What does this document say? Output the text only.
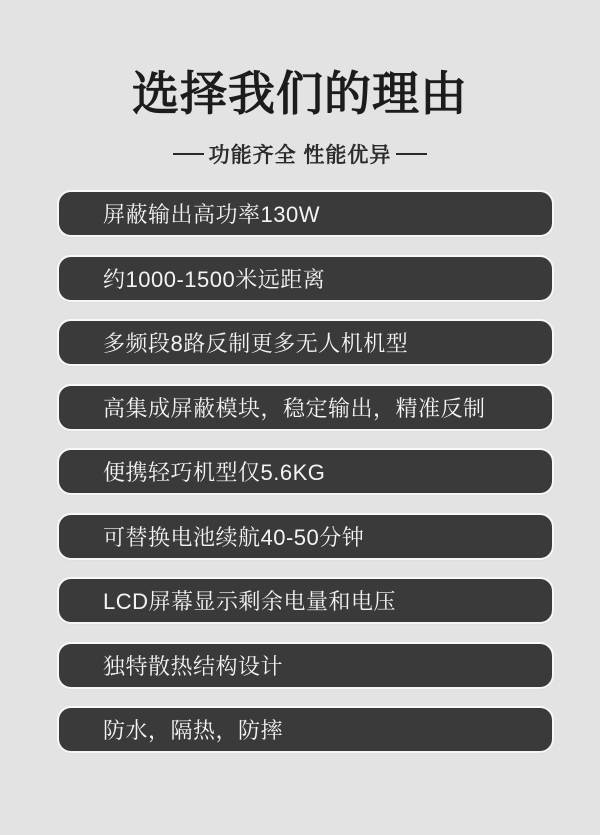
选择我们的理由
功能齐全 性能优异
屏蔽输出高功率130W
约1000-1500米远距离
多频段8路反制更多无人机机型
高集成屏蔽模块，稳定输出，精准反制
便携轻巧机型仅5.6KG
可替换电池续航40-50分钟
LCD屏幕显示剩余电量和电压
独特散热结构设计
防水，隔热，防摔
